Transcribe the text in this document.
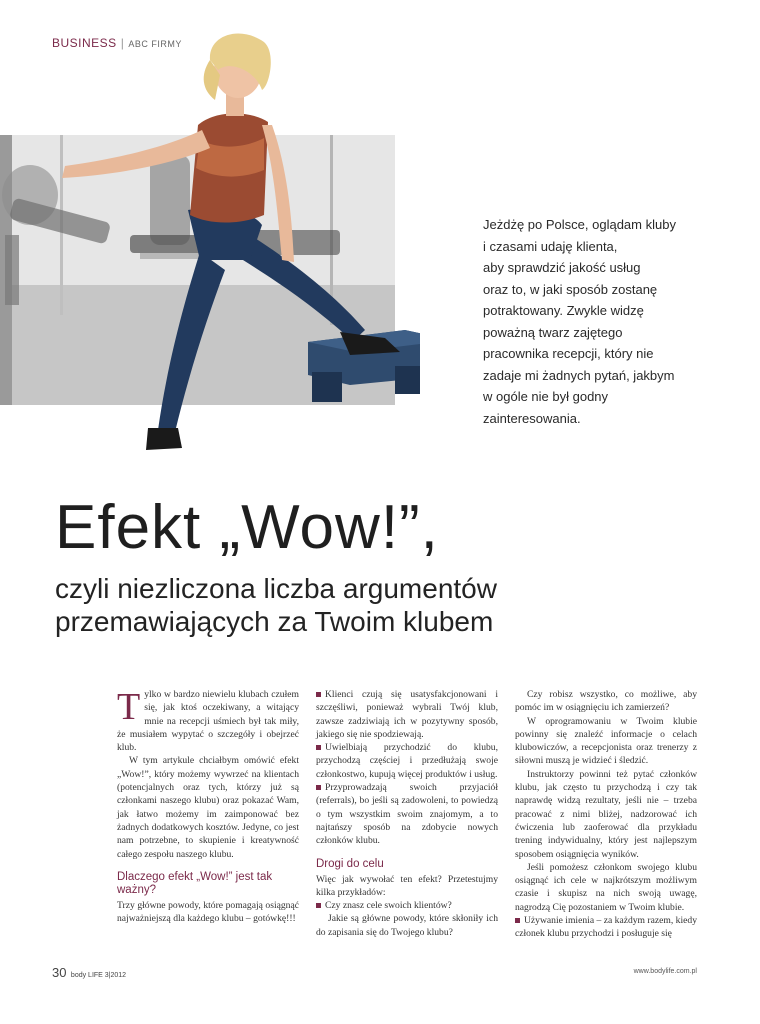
BUSINESS | ABC FIRMY
Jeżdżę po Polsce, oglądam kluby
i czasami udaję klienta,
aby sprawdzić jakość usług
oraz to, w jaki sposób zostanę
potraktowany. Zwykle widzę
poważną twarz zajętego
pracownika recepcji, który nie
zadaje mi żadnych pytań, jakbym
w ogóle nie był godny
zainteresowania.
Efekt „Wow!”,
czyli niezliczona liczba argumentów
przemawiających za Twoim klubem

Tylko w bardzo niewielu klubach czułem się, jak ktoś oczekiwany, a witający mnie na recepcji uśmiech był tak miły, że musiałem wypytać o szczegóły i obejrzeć klub.

W tym artykule chciałbym omówić efekt „Wow!”, który możemy wywrzeć na klientach (potencjalnych oraz tych, którzy już są członkami naszego klubu) oraz pokazać Wam, jak łatwo możemy im zaimponować bez żadnych dodatkowych kosztów. Jedyne, co jest nam potrzebne, to skupienie i kreatywność całego zespołu naszego klubu.

Dlaczego efekt „Wow!” jest tak ważny?

Trzy główne powody, które pomagają osiągnąć najważniejszą dla każdego klubu – gotówkę!!!

Klienci czują się usatysfakcjonowani i szczęśliwi, ponieważ wybrali Twój klub, zawsze zadziwiają ich w pozytywny sposób, jakiego się nie spodziewają.

Uwielbiają przychodzić do klubu, przychodzą częściej i przedłużają swoje członkostwo, kupują więcej produktów i usług.

Przyprowadzają swoich przyjaciół (referrals), bo jeśli są zadowoleni, to powiedzą o tym wszystkim swoim znajomym, a to najtańszy sposób na zdobycie nowych członków klubu.

Drogi do celu

Więc jak wywołać ten efekt? Przetestujmy kilka przykładów:

Czy znasz cele swoich klientów?

Jakie są główne powody, które skłoniły ich do zapisania się do Twojego klubu?

Czy robisz wszystko, co możliwe, aby pomóc im w osiągnięciu ich zamierzeń?

W oprogramowaniu w Twoim klubie powinny się znaleźć informacje o celach klubowiczów, a recepcjonista oraz trenerzy z siłowni muszą je widzieć i śledzić.

Instruktorzy powinni też pytać członków klubu, jak często tu przychodzą i czy tak naprawdę widzą rezultaty, jeśli nie – trzeba pracować z nimi bliżej, nadzorować ich ćwiczenia lub zaoferować dla przykładu trening indywidualny, który jest najlepszym sposobem osiągnięcia wyników.

Jeśli pomożesz członkom swojego klubu osiągnąć ich cele w najkrótszym możliwym czasie i skupisz na nich swoją uwagę, nagrodzą Cię pozostaniem w Twoim klubie.

Używanie imienia – za każdym razem, kiedy członek klubu przychodzi i posługuje się

30 body LIFE 3|2012
www.bodylife.com.pl
